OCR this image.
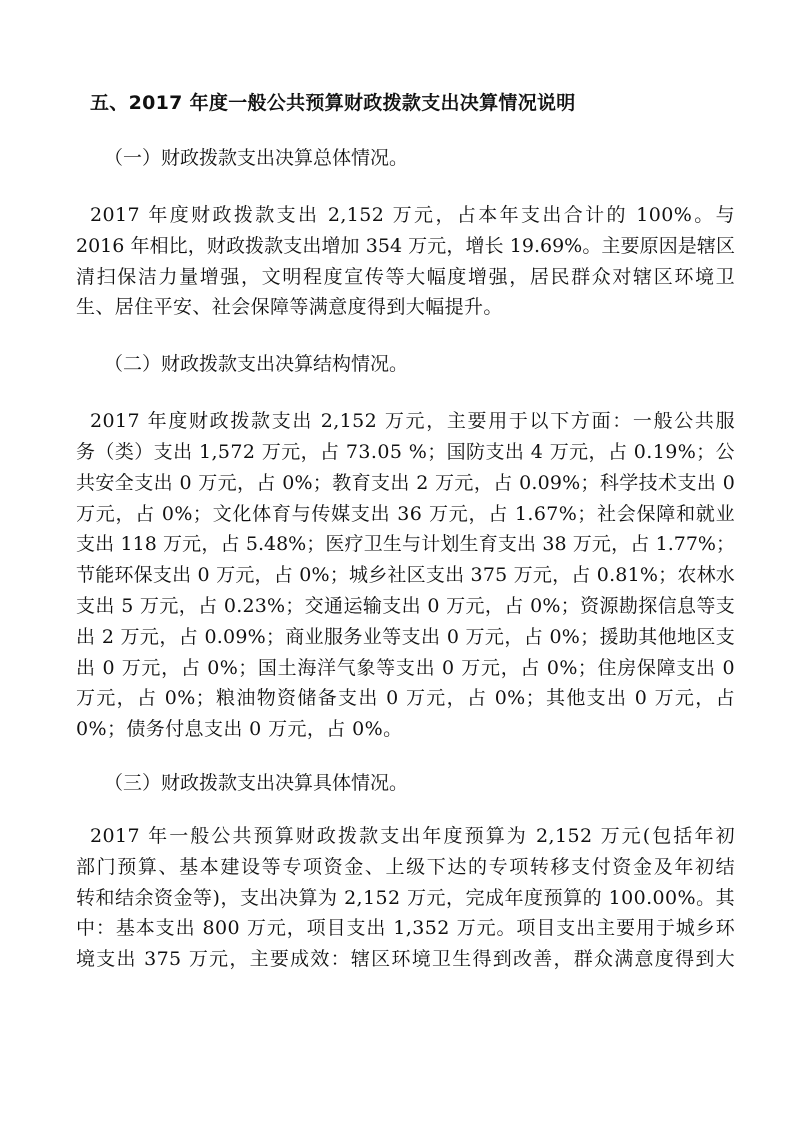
五、2017 年度一般公共预算财政拨款支出决算情况说明
（一）财政拨款支出决算总体情况。
2017 年度财政拨款支出 2,152 万元，占本年支出合计的 100%。与
2016 年相比，财政拨款支出增加 354 万元，增长 19.69%。主要原因是辖区
清扫保洁力量增强，文明程度宣传等大幅度增强，居民群众对辖区环境卫
生、居住平安、社会保障等满意度得到大幅提升。
（二）财政拨款支出决算结构情况。
2017 年度财政拨款支出 2,152 万元，主要用于以下方面：一般公共服
务（类）支出 1,572 万元，占 73.05 %；国防支出 4 万元，占 0.19%；公
共安全支出 0 万元，占 0%；教育支出 2 万元，占 0.09%；科学技术支出 0
万元，占 0%；文化体育与传媒支出 36 万元，占 1.67%；社会保障和就业
支出 118 万元，占 5.48%；医疗卫生与计划生育支出 38 万元，占 1.77%；
节能环保支出 0 万元，占 0%；城乡社区支出 375 万元，占 0.81%；农林水
支出 5 万元，占 0.23%；交通运输支出 0 万元，占 0%；资源勘探信息等支
出 2 万元，占 0.09%；商业服务业等支出 0 万元，占 0%；援助其他地区支
出 0 万元，占 0%；国土海洋气象等支出 0 万元，占 0%；住房保障支出 0
万元，占 0%；粮油物资储备支出 0 万元，占 0%；其他支出 0 万元，占
0%；债务付息支出 0 万元，占 0%。
（三）财政拨款支出决算具体情况。
2017 年一般公共预算财政拨款支出年度预算为 2,152 万元(包括年初
部门预算、基本建设等专项资金、上级下达的专项转移支付资金及年初结
转和结余资金等)，支出决算为 2,152 万元，完成年度预算的 100.00%。其
中：基本支出 800 万元，项目支出 1,352 万元。项目支出主要用于城乡环
境支出 375 万元，主要成效：辖区环境卫生得到改善，群众满意度得到大
